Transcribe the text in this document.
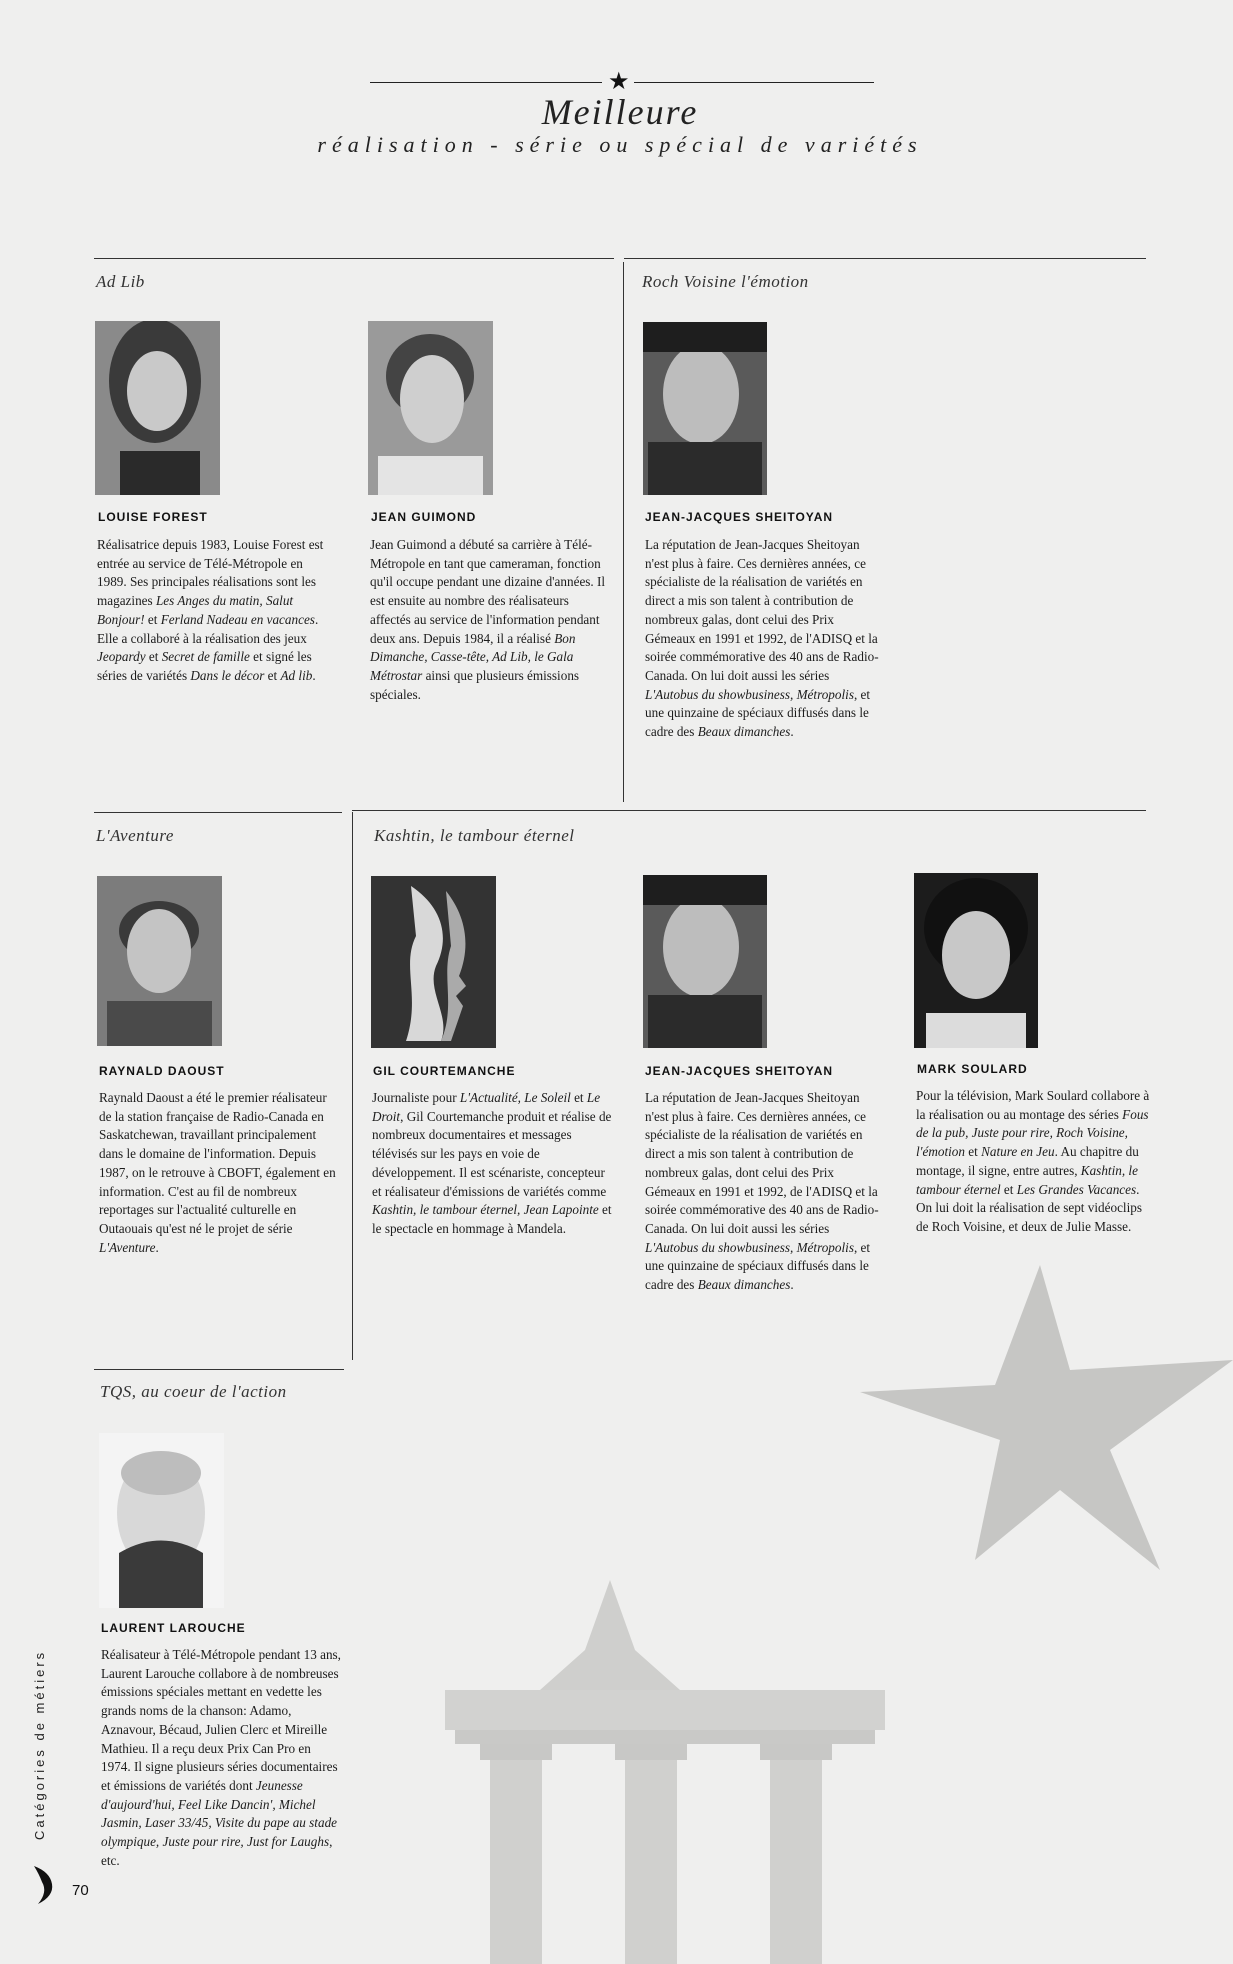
★
Meilleure
réalisation - série ou spécial de variétés
Ad Lib	Roch Voisine l'émotion
L'Aventure	Kashtin, le tambour éternel
TQS, au coeur de l'action
LOUISE FOREST	JEAN GUIMOND	JEAN-JACQUES SHEITOYAN
RAYNALD DAOUST	GIL COURTEMANCHE	JEAN-JACQUES SHEITOYAN	MARK SOULARD
LAURENT LAROUCHE
Réalisatrice depuis 1983, Louise Forest est entrée au service de Télé-Métropole en 1989. Ses principales réalisations sont les magazines Les Anges du matin, Salut Bonjour! et Ferland Nadeau en vacances. Elle a collaboré à la réalisation des jeux Jeopardy et Secret de famille et signé les séries de variétés Dans le décor et Ad lib.
Jean Guimond a débuté sa carrière à Télé-Métropole en tant que cameraman, fonction qu'il occupe pendant une dizaine d'années. Il est ensuite au nombre des réalisateurs affectés au service de l'information pendant deux ans. Depuis 1984, il a réalisé Bon Dimanche, Casse-tête, Ad Lib, le Gala Métrostar ainsi que plusieurs émissions spéciales.
La réputation de Jean-Jacques Sheitoyan n'est plus à faire. Ces dernières années, ce spécialiste de la réalisation de variétés en direct a mis son talent à contribution de nombreux galas, dont celui des Prix Gémeaux en 1991 et 1992, de l'ADISQ et la soirée commémorative des 40 ans de Radio-Canada. On lui doit aussi les séries L'Autobus du showbusiness, Métropolis, et une quinzaine de spéciaux diffusés dans le cadre des Beaux dimanches.
Raynald Daoust a été le premier réalisateur de la station française de Radio-Canada en Saskatchewan, travaillant principalement dans le domaine de l'information. Depuis 1987, on le retrouve à CBOFT, également en information. C'est au fil de nombreux reportages sur l'actualité culturelle en Outaouais qu'est né le projet de série L'Aventure.
Journaliste pour L'Actualité, Le Soleil et Le Droit, Gil Courtemanche produit et réalise de nombreux documentaires et messages télévisés sur les pays en voie de développement. Il est scénariste, concepteur et réalisateur d'émissions de variétés comme Kashtin, le tambour éternel, Jean Lapointe et le spectacle en hommage à Mandela.
La réputation de Jean-Jacques Sheitoyan n'est plus à faire. Ces dernières années, ce spécialiste de la réalisation de variétés en direct a mis son talent à contribution de nombreux galas, dont celui des Prix Gémeaux en 1991 et 1992, de l'ADISQ et la soirée commémorative des 40 ans de Radio-Canada. On lui doit aussi les séries L'Autobus du showbusiness, Métropolis, et une quinzaine de spéciaux diffusés dans le cadre des Beaux dimanches.
Pour la télévision, Mark Soulard collabore à la réalisation ou au montage des séries Fous de la pub, Juste pour rire, Roch Voisine, l'émotion et Nature en Jeu. Au chapitre du montage, il signe, entre autres, Kashtin, le tambour éternel et Les Grandes Vacances. On lui doit la réalisation de sept vidéoclips de Roch Voisine, et deux de Julie Masse.
Réalisateur à Télé-Métropole pendant 13 ans, Laurent Larouche collabore à de nombreuses émissions spéciales mettant en vedette les grands noms de la chanson: Adamo, Aznavour, Bécaud, Julien Clerc et Mireille Mathieu. Il a reçu deux Prix Can Pro en 1974. Il signe plusieurs séries documentaires et émissions de variétés dont Jeunesse d'aujourd'hui, Feel Like Dancin', Michel Jasmin, Laser 33/45, Visite du pape au stade olympique, Juste pour rire, Just for Laughs, etc.
Catégories de métiers
70
